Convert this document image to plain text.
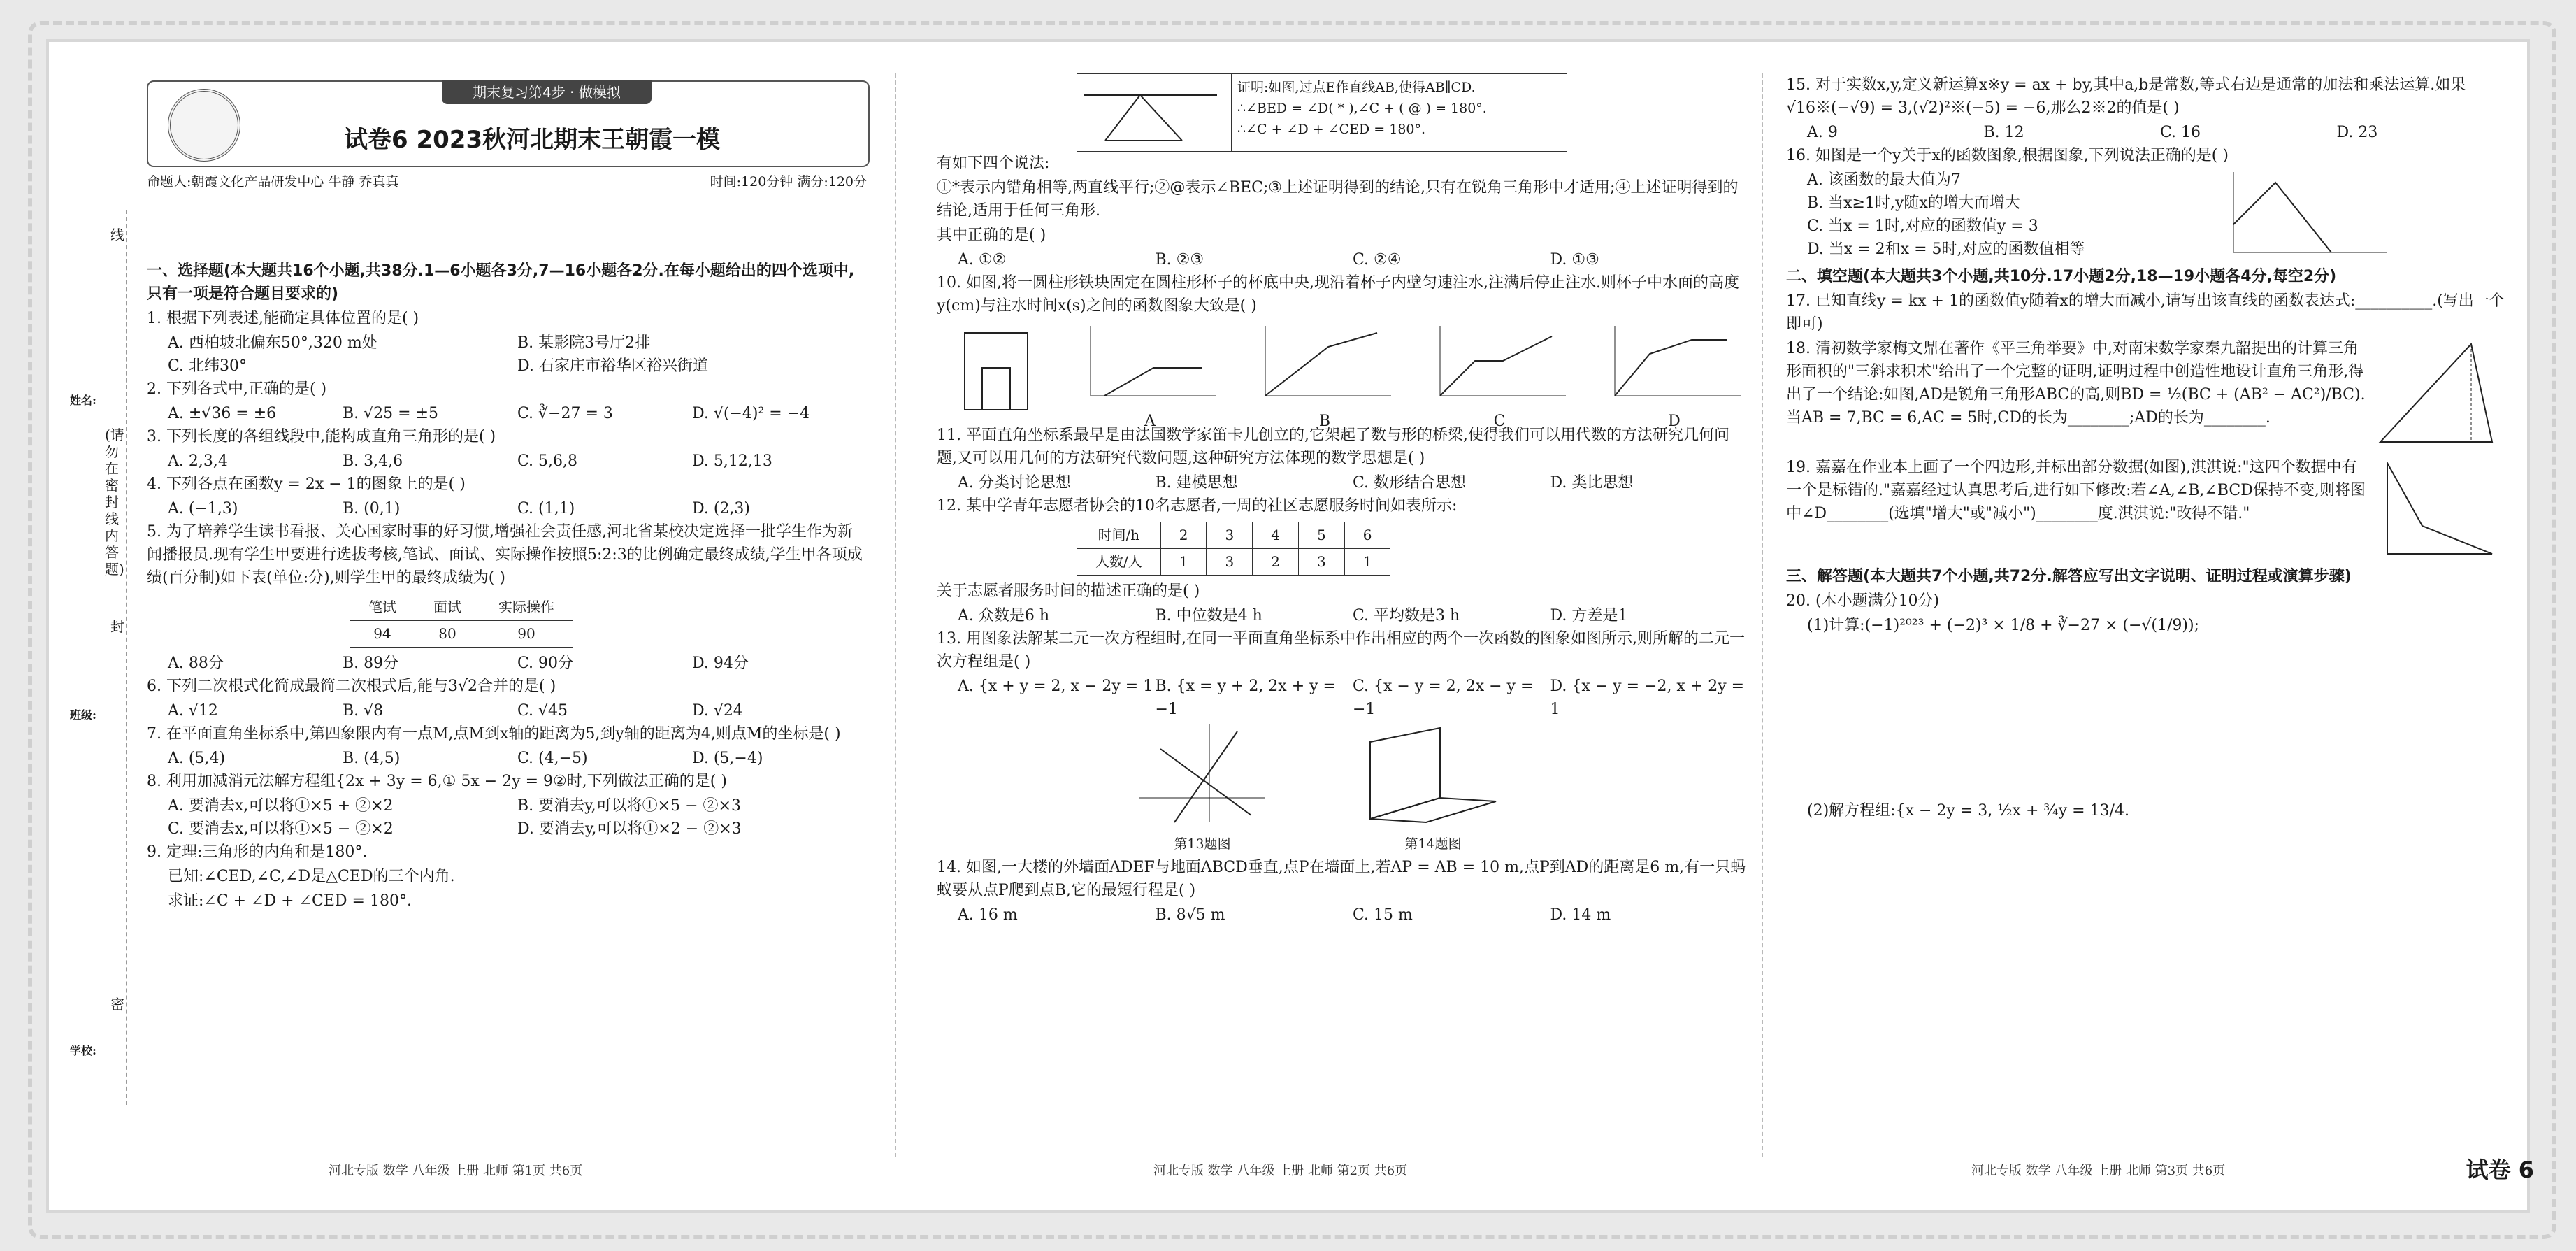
姓名:
班级:
学校:
(请勿在密封线内答题)
线
封
密
期末复习第4步 · 做模拟
试卷6 2023秋河北期末王朝霞一模
命题人:朝霞文化产品研发中心 牛静 乔真真	时间:120分钟 满分:120分
一、选择题(本大题共16个小题,共38分.1—6小题各3分,7—16小题各2分.在每小题给出的四个选项中,只有一项是符合题目要求的)
1. 根据下列表述,能确定具体位置的是( )
A. 西柏坡北偏东50°,320 m处	B. 某影院3号厅2排
C. 北纬30°	D. 石家庄市裕华区裕兴街道
2. 下列各式中,正确的是( )
A. ±√36 = ±6	B. √25 = ±5	C. ∛−27 = 3	D. √(−4)² = −4
3. 下列长度的各组线段中,能构成直角三角形的是( )
A. 2,3,4	B. 3,4,6	C. 5,6,8	D. 5,12,13
4. 下列各点在函数y = 2x − 1的图象上的是( )
A. (−1,3)	B. (0,1)	C. (1,1)	D. (2,3)
5. 为了培养学生读书看报、关心国家时事的好习惯,增强社会责任感,河北省某校决定选择一批学生作为新闻播报员.现有学生甲要进行选拔考核,笔试、面试、实际操作按照5:2:3的比例确定最终成绩,学生甲各项成绩(百分制)如下表(单位:分),则学生甲的最终成绩为( )
笔试	面试	实际操作
94	80	90
A. 88分	B. 89分	C. 90分	D. 94分
6. 下列二次根式化简成最简二次根式后,能与3√2合并的是( )
A. √12	B. √8	C. √45	D. √24
7. 在平面直角坐标系中,第四象限内有一点M,点M到x轴的距离为5,到y轴的距离为4,则点M的坐标是( )
A. (5,4)	B. (4,5)	C. (4,−5)	D. (5,−4)
8. 利用加减消元法解方程组{2x + 3y = 6,① 5x − 2y = 9②时,下列做法正确的是( )
A. 要消去x,可以将①×5 + ②×2	B. 要消去y,可以将①×5 − ②×3
C. 要消去x,可以将①×5 − ②×2	D. 要消去y,可以将①×2 − ②×3
9. 定理:三角形的内角和是180°.
已知:∠CED,∠C,∠D是△CED的三个内角.
求证:∠C + ∠D + ∠CED = 180°.
河北专版 数学 八年级 上册 北师 第1页 共6页
证明:如图,过点E作直线AB,使得AB∥CD.
∴∠BED = ∠D( * ),∠C + ( @ ) = 180°.
∴∠C + ∠D + ∠CED = 180°.
有如下四个说法:
①*表示内错角相等,两直线平行;②@表示∠BEC;③上述证明得到的结论,只有在锐角三角形中才适用;④上述证明得到的结论,适用于任何三角形.
其中正确的是( )
A. ①②	B. ②③	C. ②④	D. ①③
10. 如图,将一圆柱形铁块固定在圆柱形杯子的杯底中央,现沿着杯子内壁匀速注水,注满后停止注水.则杯子中水面的高度y(cm)与注水时间x(s)之间的函数图象大致是( )
A	B	C	D
11. 平面直角坐标系最早是由法国数学家笛卡儿创立的,它架起了数与形的桥梁,使得我们可以用代数的方法研究几何问题,又可以用几何的方法研究代数问题,这种研究方法体现的数学思想是( )
A. 分类讨论思想	B. 建模思想	C. 数形结合思想	D. 类比思想
12. 某中学青年志愿者协会的10名志愿者,一周的社区志愿服务时间如表所示:
时间/h	2	3	4	5	6
人数/人	1	3	2	3	1
关于志愿者服务时间的描述正确的是( )
A. 众数是6 h	B. 中位数是4 h	C. 平均数是3 h	D. 方差是1
13. 用图象法解某二元一次方程组时,在同一平面直角坐标系中作出相应的两个一次函数的图象如图所示,则所解的二元一次方程组是( )
A. {x + y = 2, x − 2y = 1 B. {x = y + 2, 2x + y = −1
C. {x − y = 2, 2x − y = −1
D. {x − y = −2, x + 2y = 1
第13题图	第14题图
14. 如图,一大楼的外墙面ADEF与地面ABCD垂直,点P在墙面上,若AP = AB = 10 m,点P到AD的距离是6 m,有一只蚂蚁要从点P爬到点B,它的最短行程是( )
A. 16 m	B. 8√5 m	C. 15 m	D. 14 m
河北专版 数学 八年级 上册 北师 第2页 共6页
15. 对于实数x,y,定义新运算x※y = ax + by,其中a,b是常数,等式右边是通常的加法和乘法运算.如果√16※(−√9) = 3,(√2)²※(−5) = −6,那么2※2的值是( )
A. 9	B. 12	C. 16	D. 23
16. 如图是一个y关于x的函数图象,根据图象,下列说法正确的是( )
A. 该函数的最大值为7
B. 当x≥1时,y随x的增大而增大
C. 当x = 1时,对应的函数值y = 3
D. 当x = 2和x = 5时,对应的函数值相等
二、填空题(本大题共3个小题,共10分.17小题2分,18—19小题各4分,每空2分)
17. 已知直线y = kx + 1的函数值y随着x的增大而减小,请写出该直线的函数表达式:__________.(写出一个即可)
18. 清初数学家梅文鼎在著作《平三角举要》中,对南宋数学家秦九韶提出的计算三角形面积的"三斜求积术"给出了一个完整的证明,证明过程中创造性地设计直角三角形,得出了一个结论:如图,AD是锐角三角形ABC的高,则BD = ½(BC + (AB² − AC²)/BC).当AB = 7,BC = 6,AC = 5时,CD的长为________;AD的长为________.
19. 嘉嘉在作业本上画了一个四边形,并标出部分数据(如图),淇淇说:"这四个数据中有一个是标错的."嘉嘉经过认真思考后,进行如下修改:若∠A,∠B,∠BCD保持不变,则将图中∠D________(选填"增大"或"减小")________度.淇淇说:"改得不错."
三、解答题(本大题共7个小题,共72分.解答应写出文字说明、证明过程或演算步骤)
20. (本小题满分10分)
(1)计算:(−1)²⁰²³ + (−2)³ × 1/8 + ∛−27 × (−√(1/9));
(2)解方程组:{x − 2y = 3, ½x + ¾y = 13/4.
河北专版 数学 八年级 上册 北师 第3页 共6页	试卷 6
